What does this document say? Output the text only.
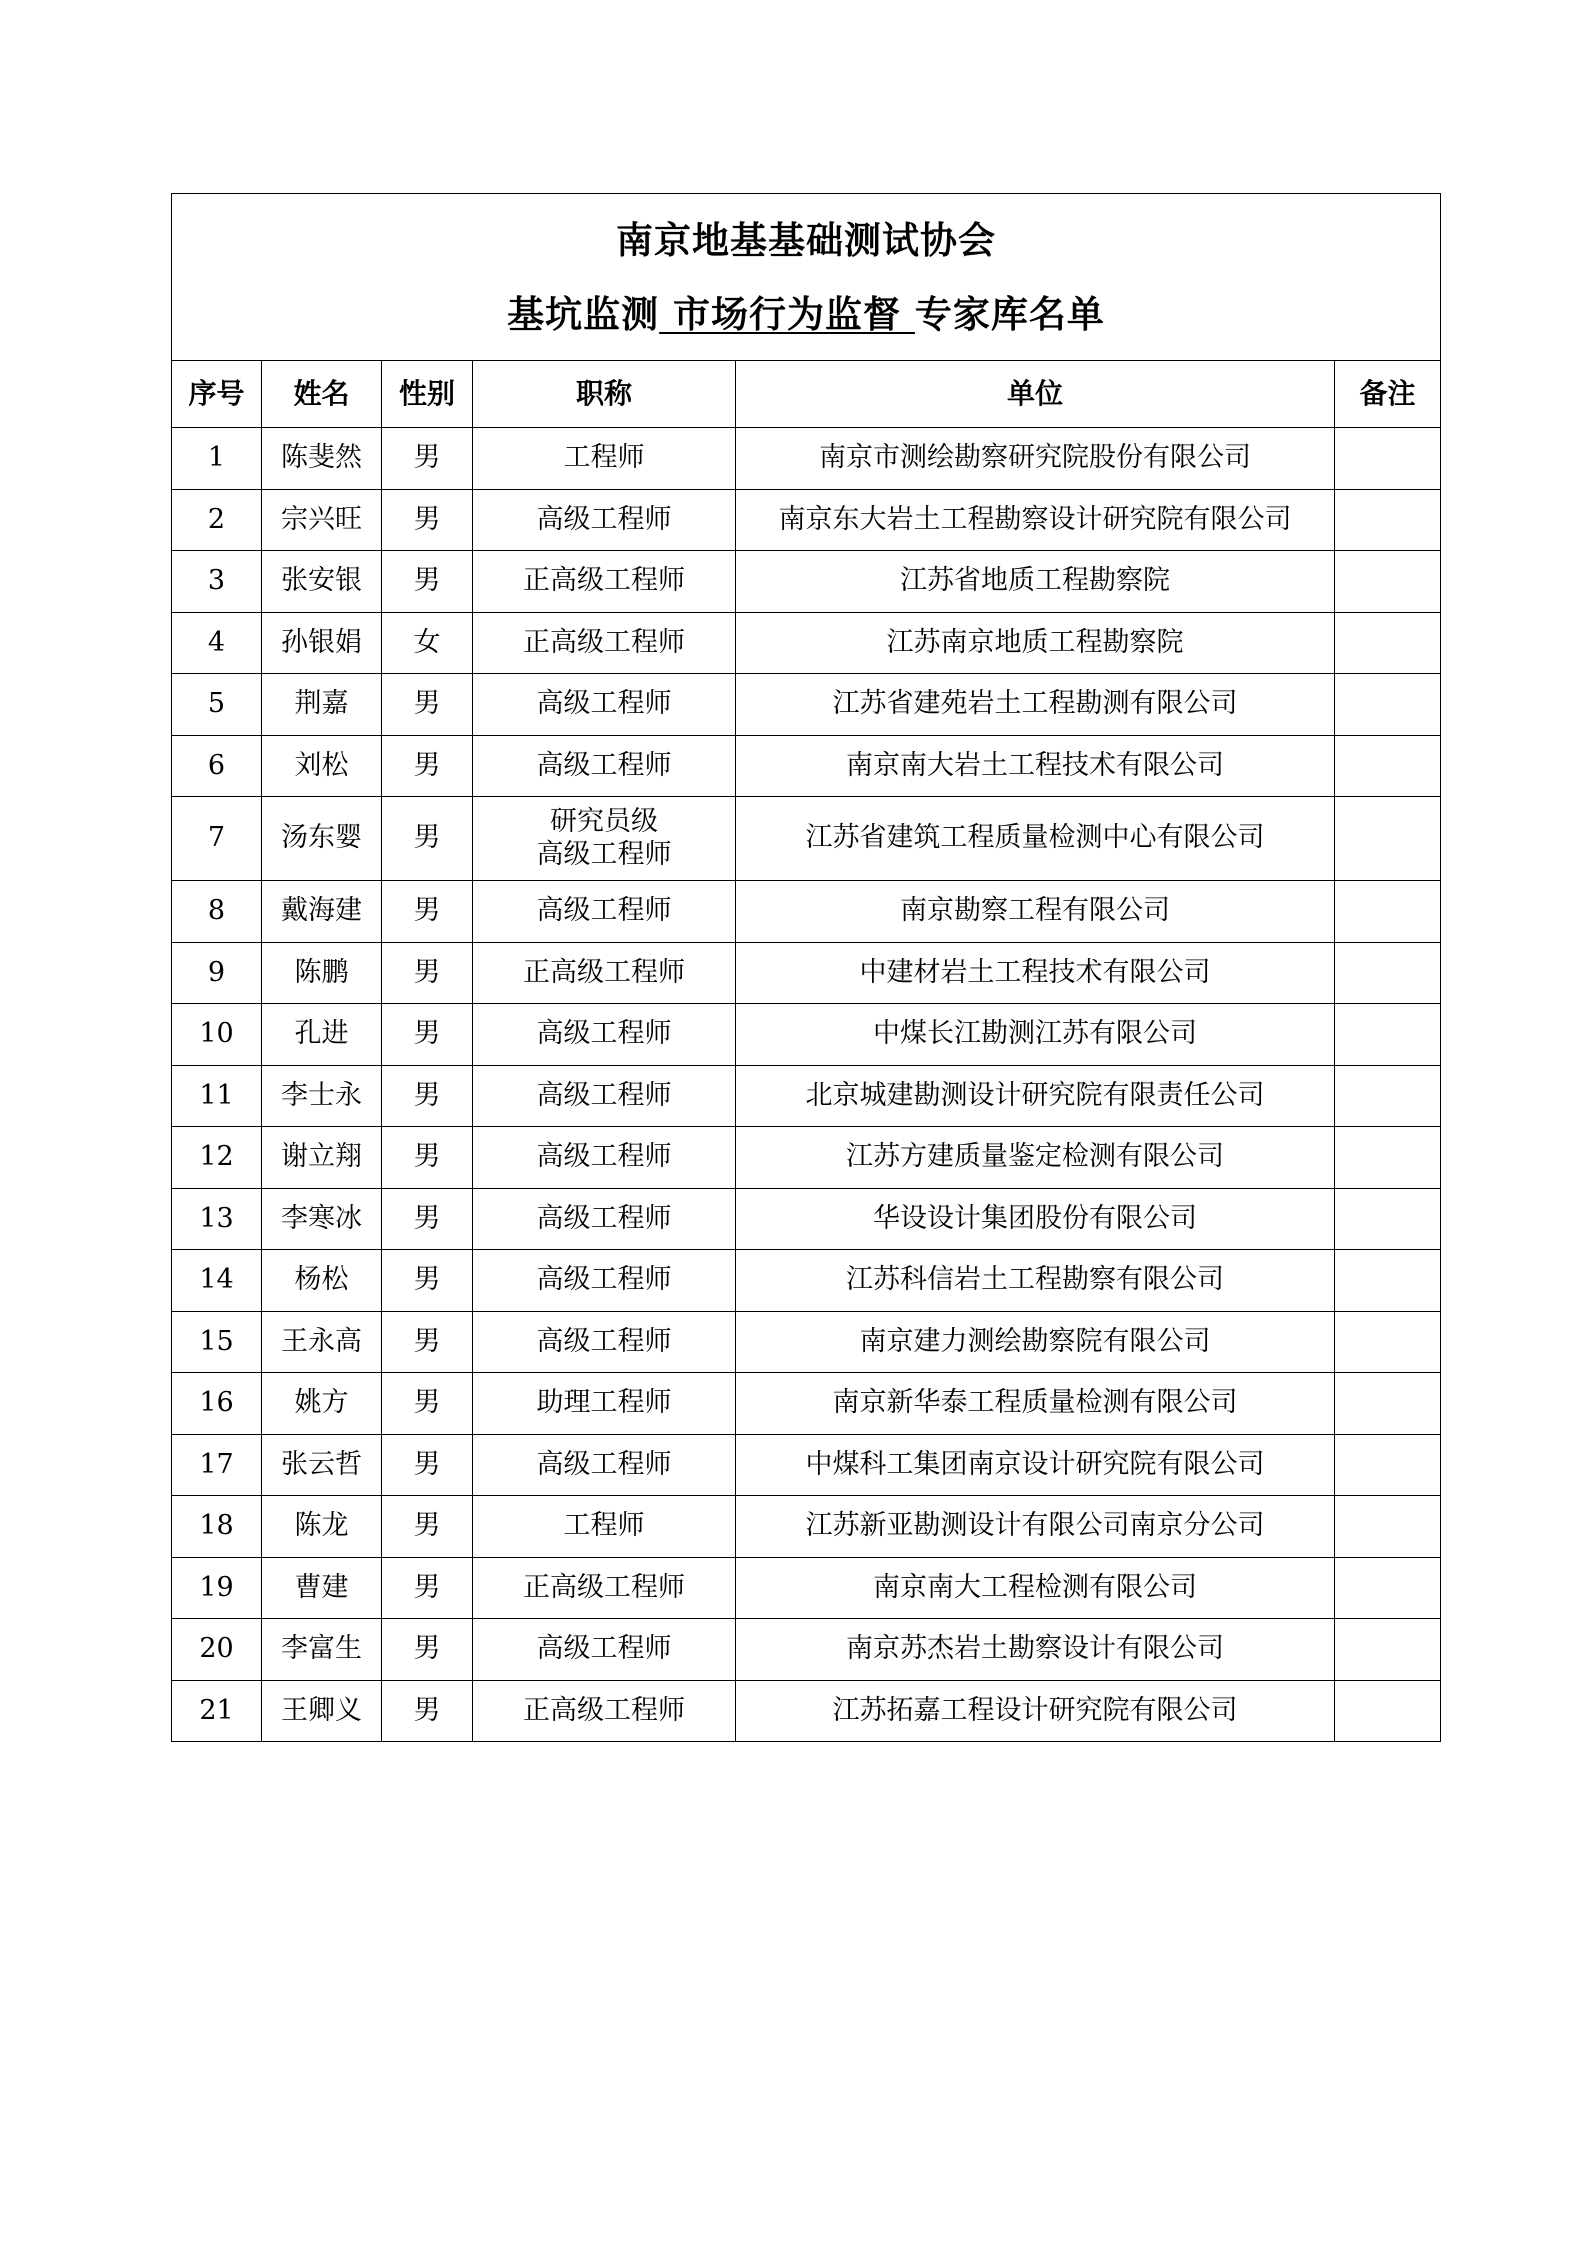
南京地基基础测试协会
基坑监测 市场行为监督 专家库名单					

序号	姓名	性别	职称	单位	备注
1	陈斐然	男	工程师	南京市测绘勘察研究院股份有限公司	
2	宗兴旺	男	高级工程师	南京东大岩土工程勘察设计研究院有限公司	
3	张安银	男	正高级工程师	江苏省地质工程勘察院	
4	孙银娟	女	正高级工程师	江苏南京地质工程勘察院	
5	荆嘉	男	高级工程师	江苏省建苑岩土工程勘测有限公司	
6	刘松	男	高级工程师	南京南大岩土工程技术有限公司	
7	汤东婴	男	研究员级
高级工程师	江苏省建筑工程质量检测中心有限公司	
8	戴海建	男	高级工程师	南京勘察工程有限公司	
9	陈鹏	男	正高级工程师	中建材岩土工程技术有限公司	
10	孔进	男	高级工程师	中煤长江勘测江苏有限公司	
11	李士永	男	高级工程师	北京城建勘测设计研究院有限责任公司	
12	谢立翔	男	高级工程师	江苏方建质量鉴定检测有限公司	
13	李寒冰	男	高级工程师	华设设计集团股份有限公司	
14	杨松	男	高级工程师	江苏科信岩土工程勘察有限公司	
15	王永高	男	高级工程师	南京建力测绘勘察院有限公司	
16	姚方	男	助理工程师	南京新华泰工程质量检测有限公司	
17	张云哲	男	高级工程师	中煤科工集团南京设计研究院有限公司	
18	陈龙	男	工程师	江苏新亚勘测设计有限公司南京分公司	
19	曹建	男	正高级工程师	南京南大工程检测有限公司	
20	李富生	男	高级工程师	南京苏杰岩土勘察设计有限公司	
21	王卿义	男	正高级工程师	江苏拓嘉工程设计研究院有限公司	
